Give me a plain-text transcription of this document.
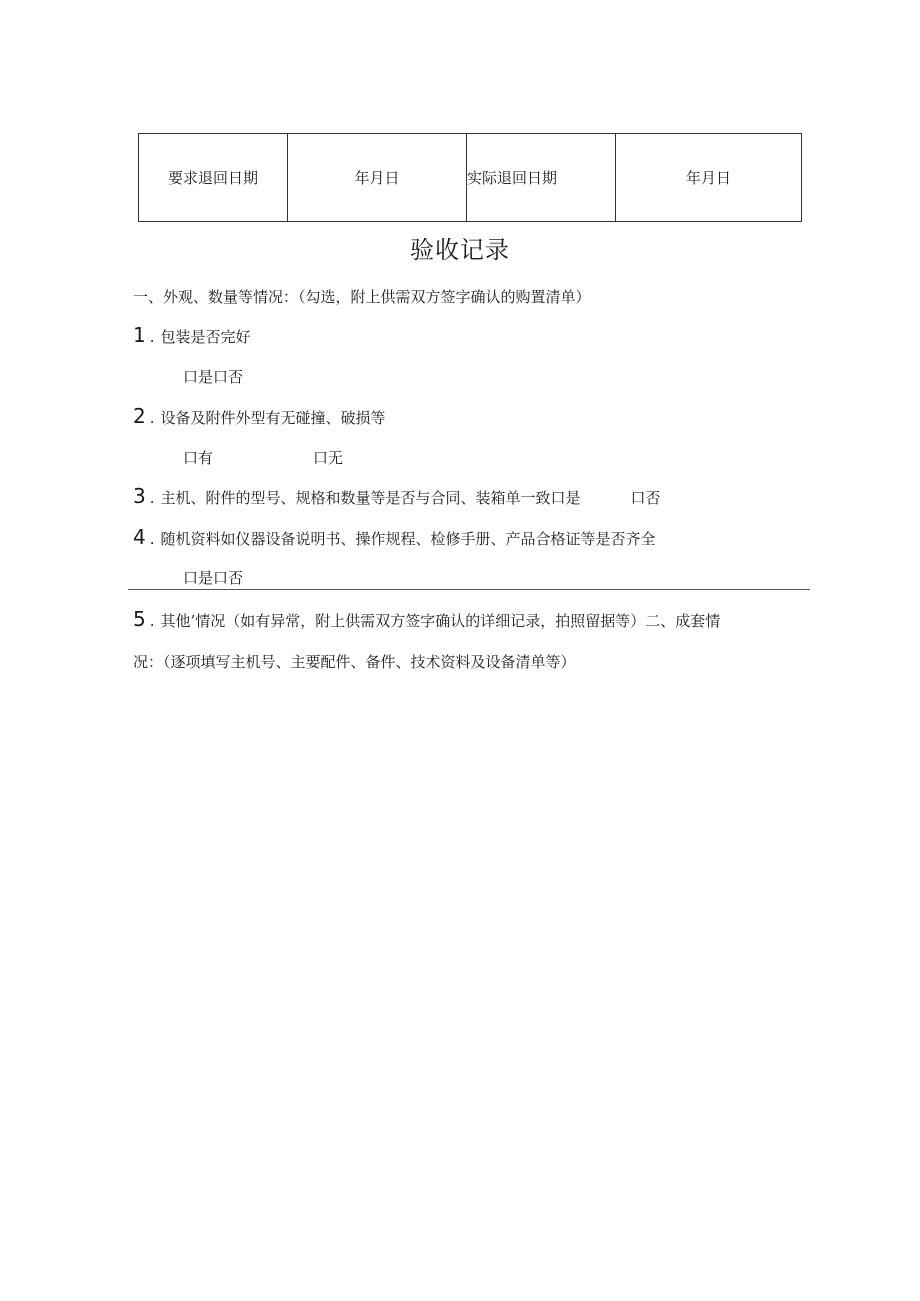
要求退回日期	年月日	实际退回日期	年月日
验收记录
一、外观、数量等情况：（勾选，附上供需双方签字确认的购置清单）
1 . 包装是否完好
口是口否
2 . 设备及附件外型有无碰撞、破损等
口有	口无
3 . 主机、附件的型号、规格和数量等是否与合同、装箱单一致口是	口否
4 . 随机资料如仪器设备说明书、操作规程、检修手册、产品合格证等是否齐全
口是口否
5 . 其他’情况（如有异常，附上供需双方签字确认的详细记录，拍照留据等）二、成套情
况：（逐项填写主机号、主要配件、备件、技术资料及设备清单等）
